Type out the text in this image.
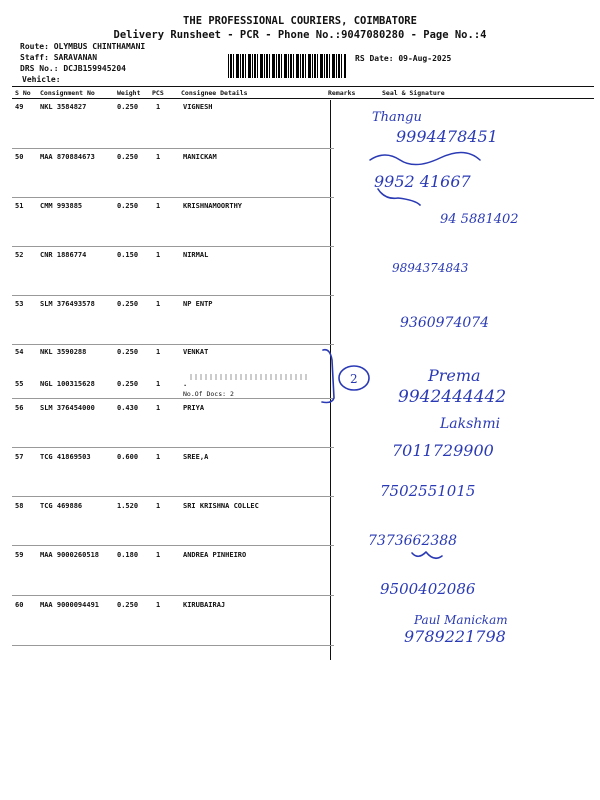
THE PROFESSIONAL COURIERS, COIMBATORE
Delivery Runsheet - PCR - Phone No.:9047080280 - Page No.:4
Route: OLYMBUS CHINTHAMANI
Staff: SARAVANAN
DRS No.: DCJB159945204
Vehicle:
RS Date: 09-Aug-2025
S No Consignment No	Weight PCS	Consignee Details	Remarks	Seal & Signature
49 NKL 3584827	0.250	1	VIGNESH
50 MAA 870884673	0.250	1	MANICKAM
51 CMM 993885	0.250	1	KRISHNAMOORTHY
52 CNR 1886774	0.150	1	NIRMAL
53 SLM 376493578	0.250	1	NP ENTP
54 NKL 3590288	0.250	1	VENKAT
55 NGL 100315628	0.250	1	.
56 SLM 376454000	0.430	1	PRIYA
57 TCG 41869503	0.600	1	SREE,A
58 TCG 469886	1.520	1	SRI KRISHNA COLLEC
59 MAA 9000260518	0.180	1	ANDREA PINHEIRO
60 MAA 9000094491	0.250	1	KIRUBAIRAJ
No.Of Docs: 2
2
Thangu
9994478451
9952 41667
94 5881402
9894374843
9360974074
Prema
9942444442
Lakshmi
7011729900
7502551015
7373662388
9500402086
Paul Manickam
9789221798
